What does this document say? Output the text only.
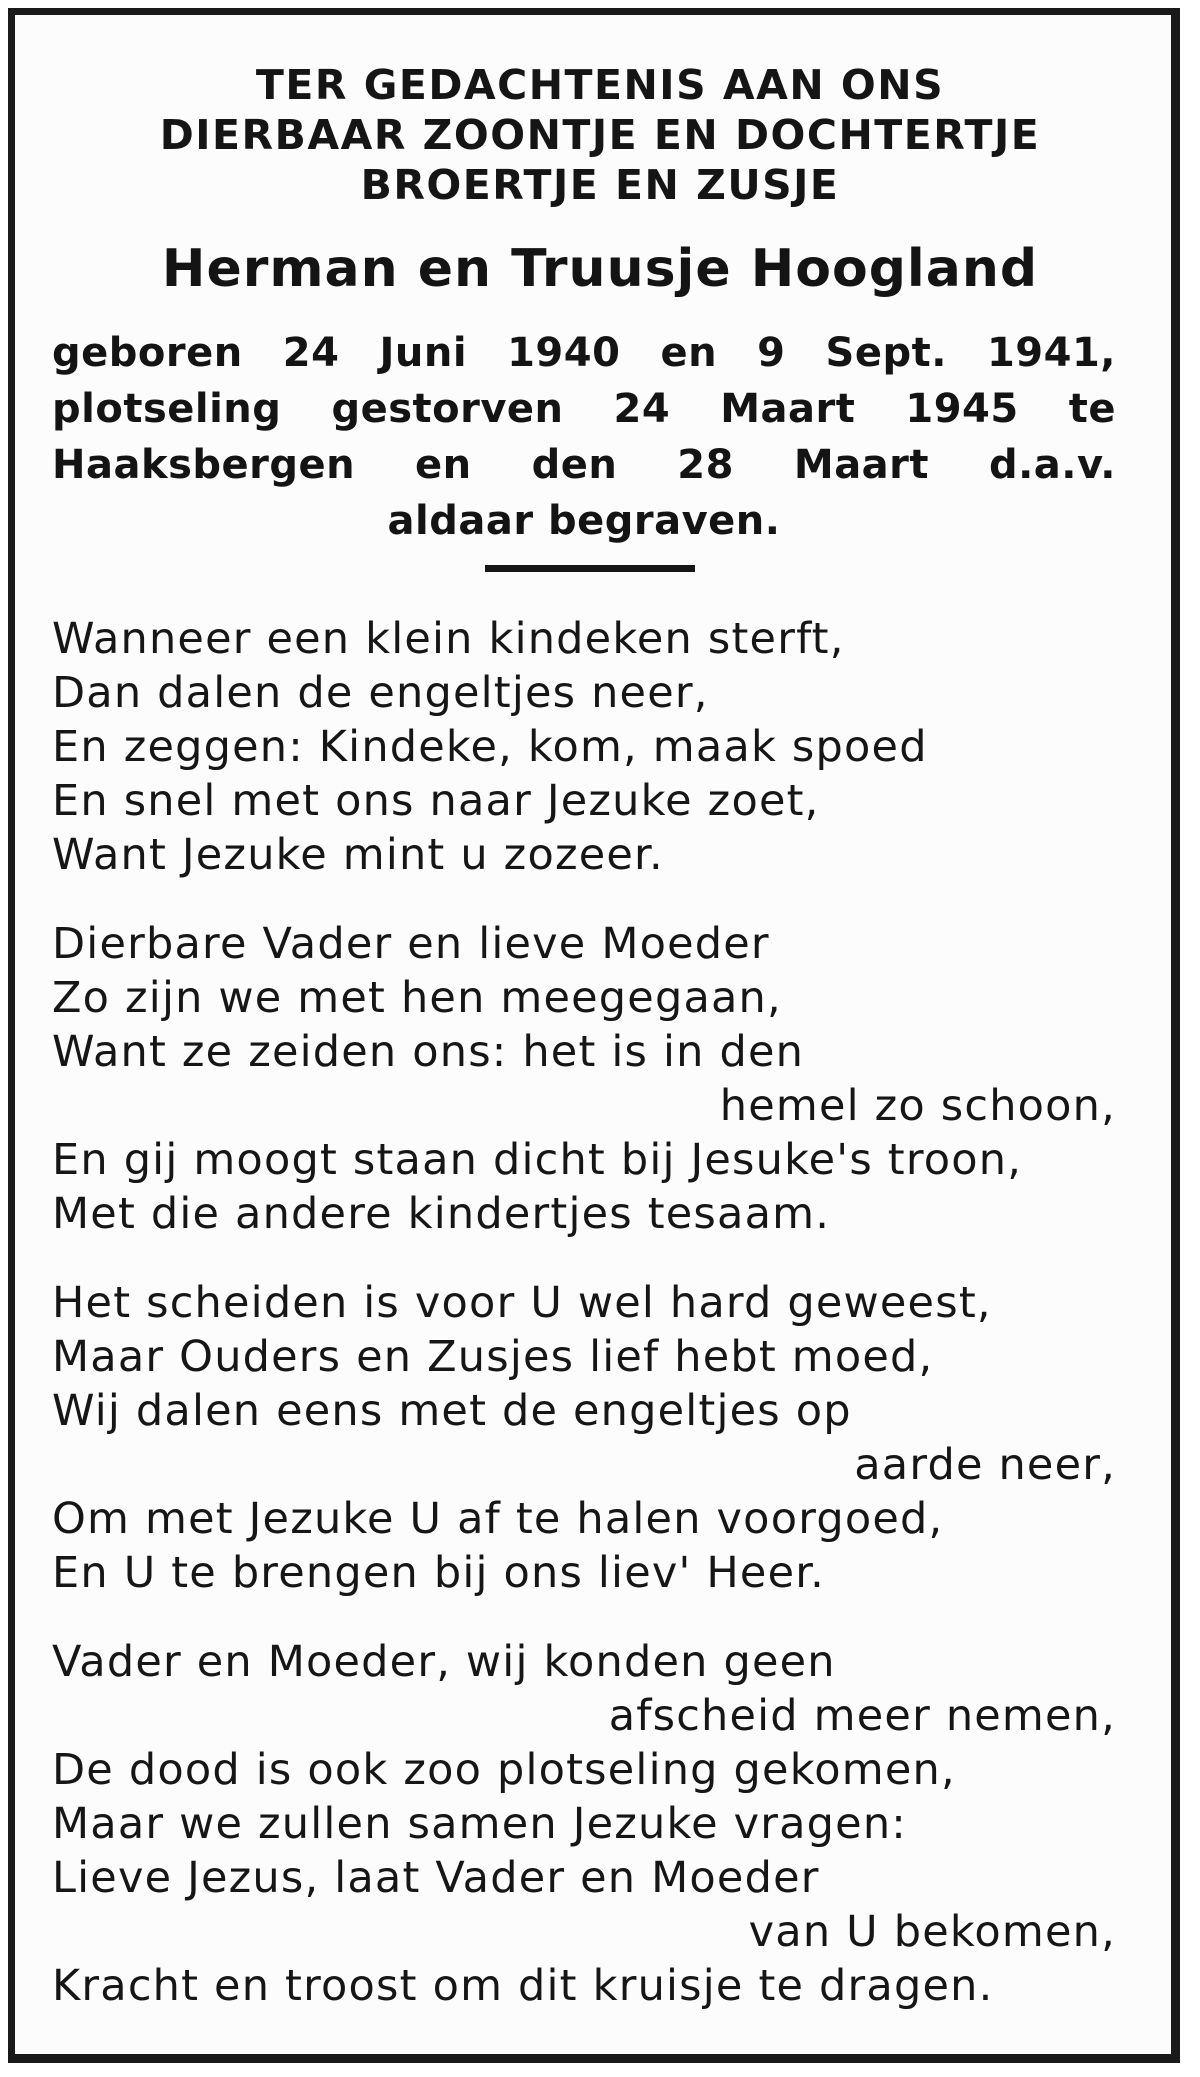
TER GEDACHTENIS AAN ONS
DIERBAAR ZOONTJE EN DOCHTERTJE
BROERTJE EN ZUSJE
Herman en Truusje Hoogland
geboren 24 Juni 1940 en 9 Sept. 1941,
plotseling gestorven 24 Maart 1945 te
Haaksbergen en den 28 Maart d.a.v.
aldaar begraven.
Wanneer een klein kindeken sterft,
Dan dalen de engeltjes neer,
En zeggen: Kindeke, kom, maak spoed
En snel met ons naar Jezuke zoet,
Want Jezuke mint u zozeer.
Dierbare Vader en lieve Moeder
Zo zijn we met hen meegegaan,
Want ze zeiden ons: het is in den
hemel zo schoon,
En gij moogt staan dicht bij Jesuke's troon,
Met die andere kindertjes tesaam.
Het scheiden is voor U wel hard geweest,
Maar Ouders en Zusjes lief hebt moed,
Wij dalen eens met de engeltjes op
aarde neer,
Om met Jezuke U af te halen voorgoed,
En U te brengen bij ons liev' Heer.
Vader en Moeder, wij konden geen
afscheid meer nemen,
De dood is ook zoo plotseling gekomen,
Maar we zullen samen Jezuke vragen:
Lieve Jezus, laat Vader en Moeder
van U bekomen,
Kracht en troost om dit kruisje te dragen.
